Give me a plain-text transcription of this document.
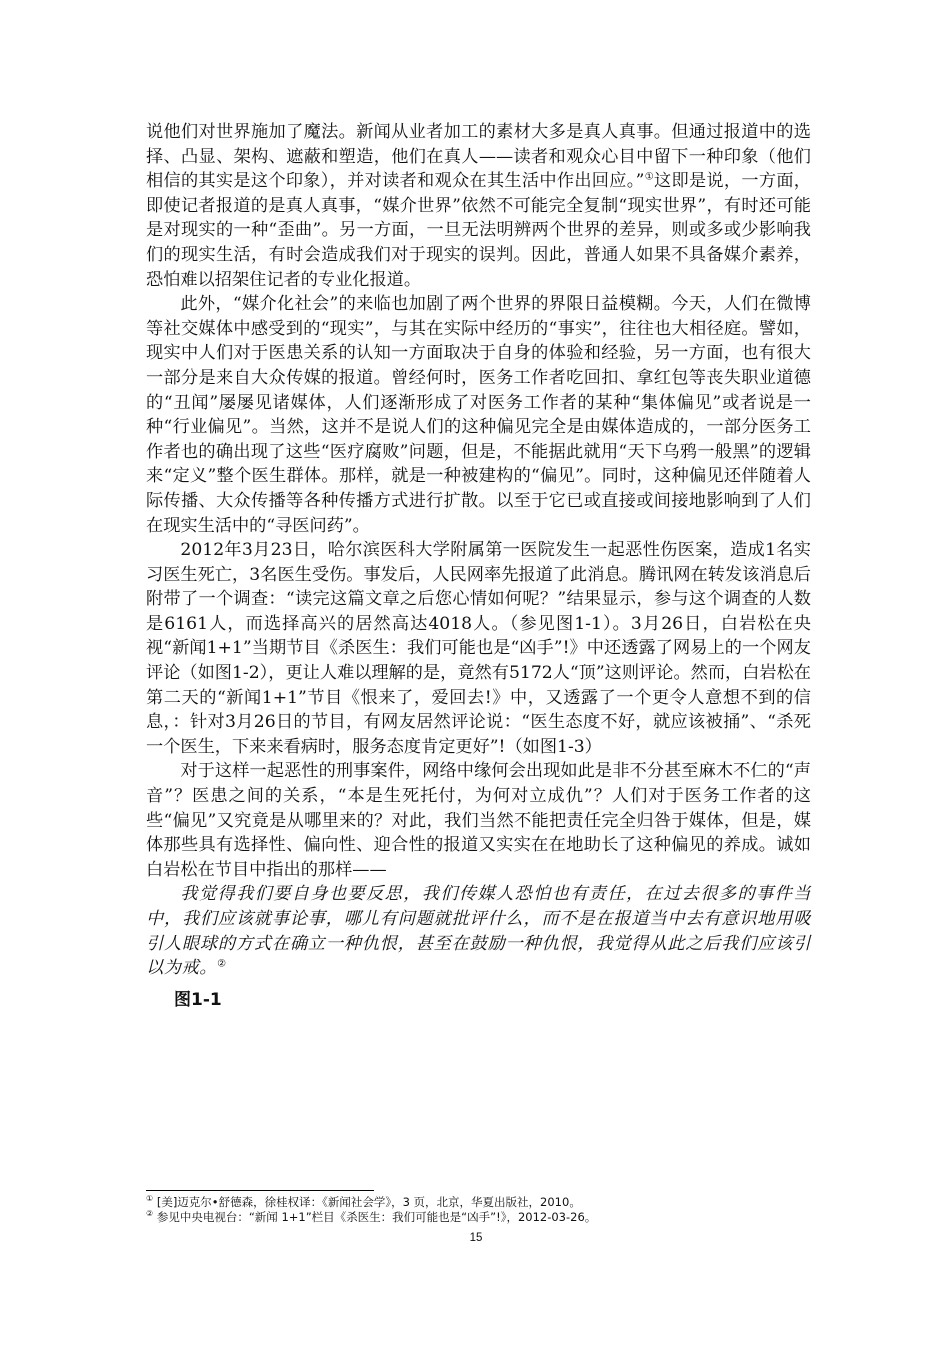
说他们对世界施加了魔法。新闻从业者加工的素材大多是真人真事。但通过报道中的选择、凸显、架构、遮蔽和塑造，他们在真人——读者和观众心目中留下一种印象（他们相信的其实是这个印象），并对读者和观众在其生活中作出回应。”①这即是说，一方面，即使记者报道的是真人真事，“媒介世界”依然不可能完全复制“现实世界”，有时还可能是对现实的一种“歪曲”。另一方面，一旦无法明辨两个世界的差异，则或多或少影响我们的现实生活，有时会造成我们对于现实的误判。因此，普通人如果不具备媒介素养，恐怕难以招架住记者的专业化报道。

此外，“媒介化社会”的来临也加剧了两个世界的界限日益模糊。今天，人们在微博等社交媒体中感受到的“现实”，与其在实际中经历的“事实”，往往也大相径庭。譬如，现实中人们对于医患关系的认知一方面取决于自身的体验和经验，另一方面，也有很大一部分是来自大众传媒的报道。曾经何时，医务工作者吃回扣、拿红包等丧失职业道德的“丑闻”屡屡见诸媒体，人们逐渐形成了对医务工作者的某种“集体偏见”或者说是一种“行业偏见”。当然，这并不是说人们的这种偏见完全是由媒体造成的，一部分医务工作者也的确出现了这些“医疗腐败”问题，但是，不能据此就用“天下乌鸦一般黑”的逻辑来“定义”整个医生群体。那样，就是一种被建构的“偏见”。同时，这种偏见还伴随着人际传播、大众传播等各种传播方式进行扩散。以至于它已或直接或间接地影响到了人们在现实生活中的“寻医问药”。

2012年3月23日，哈尔滨医科大学附属第一医院发生一起恶性伤医案，造成1名实习医生死亡，3名医生受伤。事发后，人民网率先报道了此消息。腾讯网在转发该消息后附带了一个调查：“读完这篇文章之后您心情如何呢？”结果显示，参与这个调查的人数是6161人，而选择高兴的居然高达4018人。（参见图1-1）。3月26日，白岩松在央视“新闻1+1”当期节目《杀医生：我们可能也是“凶手”!》中还透露了网易上的一个网友评论（如图1-2），更让人难以理解的是，竟然有5172人“顶”这则评论。然而，白岩松在第二天的“新闻1+1”节目《恨来了，爱回去!》中，又透露了一个更令人意想不到的信息，：针对3月26日的节目，有网友居然评论说：“医生态度不好，就应该被捅”、“杀死一个医生，下来来看病时，服务态度肯定更好”!（如图1-3）

对于这样一起恶性的刑事案件，网络中缘何会出现如此是非不分甚至麻木不仁的“声音”？医患之间的关系，“本是生死托付，为何对立成仇”？人们对于医务工作者的这些“偏见”又究竟是从哪里来的？对此，我们当然不能把责任完全归咎于媒体，但是，媒体那些具有选择性、偏向性、迎合性的报道又实实在在地助长了这种偏见的养成。诚如白岩松在节目中指出的那样——

我觉得我们要自身也要反思，我们传媒人恐怕也有责任，在过去很多的事件当中，我们应该就事论事，哪儿有问题就批评什么，而不是在报道当中去有意识地用吸引人眼球的方式在确立一种仇恨，甚至在鼓励一种仇恨，我觉得从此之后我们应该引以为戒。②

图1-1

① [美]迈克尔•舒德森，徐桂权译：《新闻社会学》，3 页，北京，华夏出版社，2010。

② 参见中央电视台：“新闻 1+1”栏目《杀医生：我们可能也是“凶手”!》，2012-03-26。

15
